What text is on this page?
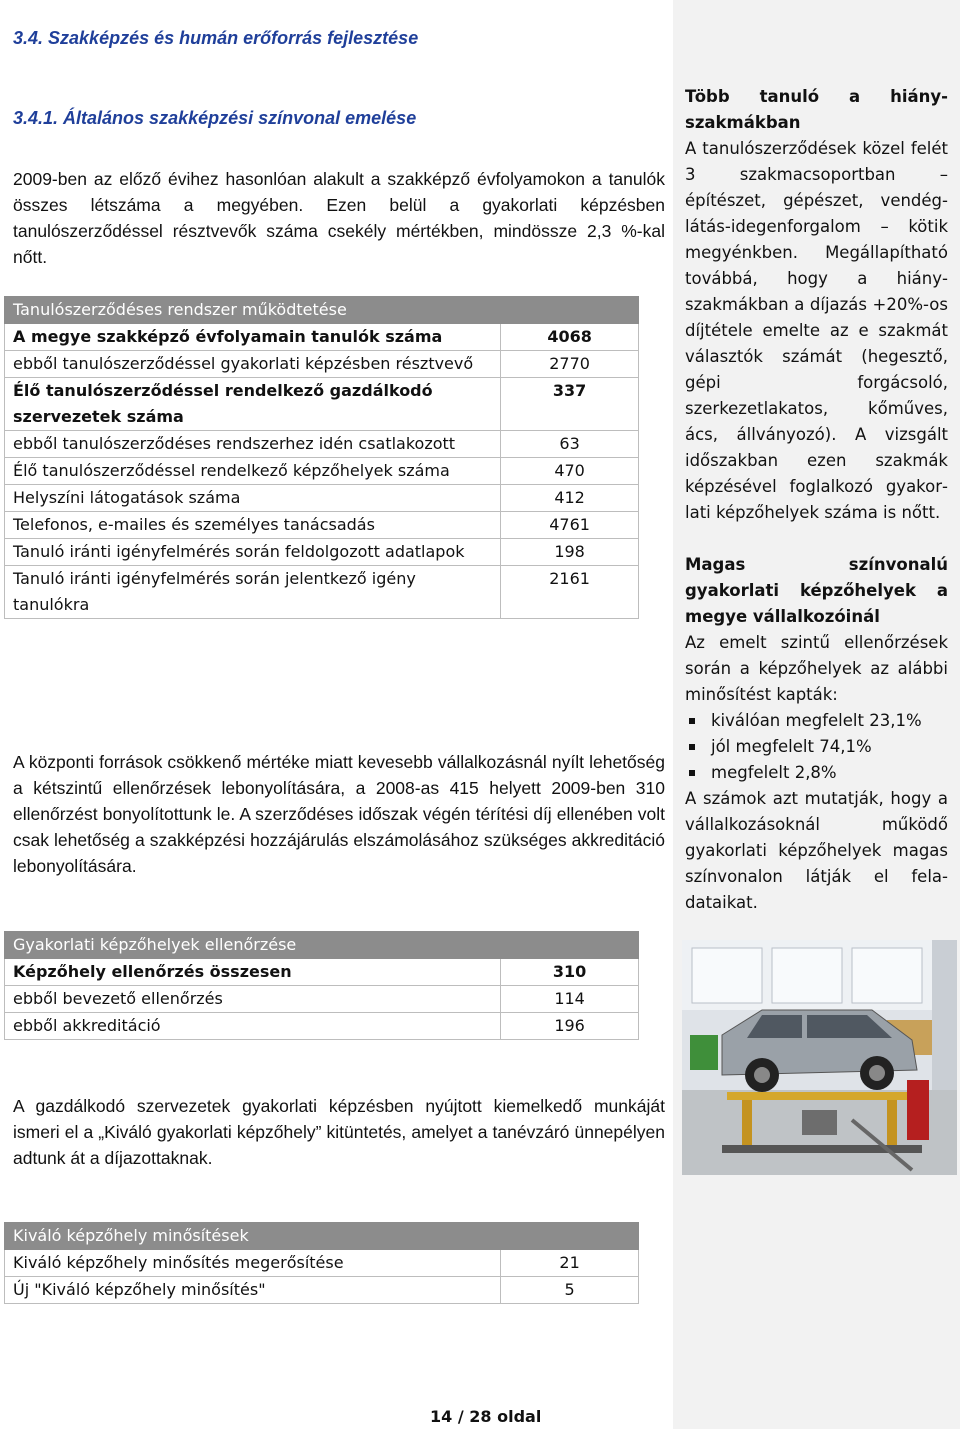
3.4. Szakképzés és humán erőforrás fejlesztése
3.4.1. Általános szakképzési színvonal emelése

2009-ben az előző évihez hasonlóan alakult a szakképző évfolyamokon a tanulók összes létszáma a megyében. Ezen belül a gyakorlati képzésben tanulószerződéssel résztvevők száma csekély mértékben, mindössze 2,3 %-kal nőtt.

Tanulószerződéses rendszer működtetése	
A megye szakképző évfolyamain tanulók száma	4068
ebből tanulószerződéssel gyakorlati képzésben résztvevő	2770
Élő tanulószerződéssel rendelkező gazdálkodó szervezetek száma	337
ebből tanulószerződéses rendszerhez idén csatlakozott	63
Élő tanulószerződéssel rendelkező képzőhelyek száma	470
Helyszíni látogatások száma	412
Telefonos, e-mailes és személyes tanácsadás	4761
Tanuló iránti igényfelmérés során feldolgozott adatlapok	198
Tanuló iránti igényfelmérés során jelentkező igény tanulókra	2161

A központi források csökkenő mértéke miatt kevesebb vállalkozásnál nyílt lehetőség a kétszintű ellenőrzések lebonyolítására, a 2008-as 415 helyett 2009-ben 310 ellenőrzést bonyolítottunk le. A szerződéses időszak végén térítési díj ellenében volt csak lehetőség a szakképzési hozzájárulás elszámolásához szükséges akkreditáció lebonyolítására.

Gyakorlati képzőhelyek ellenőrzése	
Képzőhely ellenőrzés összesen	310
ebből bevezető ellenőrzés	114
ebből akkreditáció	196

A gazdálkodó szervezetek gyakorlati képzésben nyújtott kiemelkedő munkáját ismeri el a „Kiváló gyakorlati képzőhely” kitüntetés, amelyet a tanévzáró ünnepélyen adtunk át a díjazottaknak.

Kiváló képzőhely minősítések	
Kiváló képzőhely minősítés megerősítése	21
Új "Kiváló képzőhely minősítés"	5

Több tanuló a hiányszakmákban

A tanulószerződések közel felét 3 szakmacsoportban – építészet, gépészet, vendéglátás-idegenforgalom – kötik megyénkben. Megállapítható továbbá, hogy a hiányszakmákban a díjazás +20%-os díjtétele emelte az e szakmát választók számát (hegesztő, gépi forgácsoló, szerkezetlakatos, kőműves, ács, állványozó). A vizsgált időszakban ezen szakmák képzésével foglalkozó gyakorlati képzőhelyek száma is nőtt.

Magas színvonalú gyakorlati képzőhelyek a megye vállalkozóinál

Az emelt szintű ellenőrzések során a képzőhelyek az alábbi minősítést kapták:

kiválóan megfelelt 23,1%
jól megfelelt 74,1%
megfelelt 2,8%

A számok azt mutatják, hogy a vállalkozásoknál működő gyakorlati képzőhelyek magas színvonalon látják el feladataikat.

14 / 28 oldal
